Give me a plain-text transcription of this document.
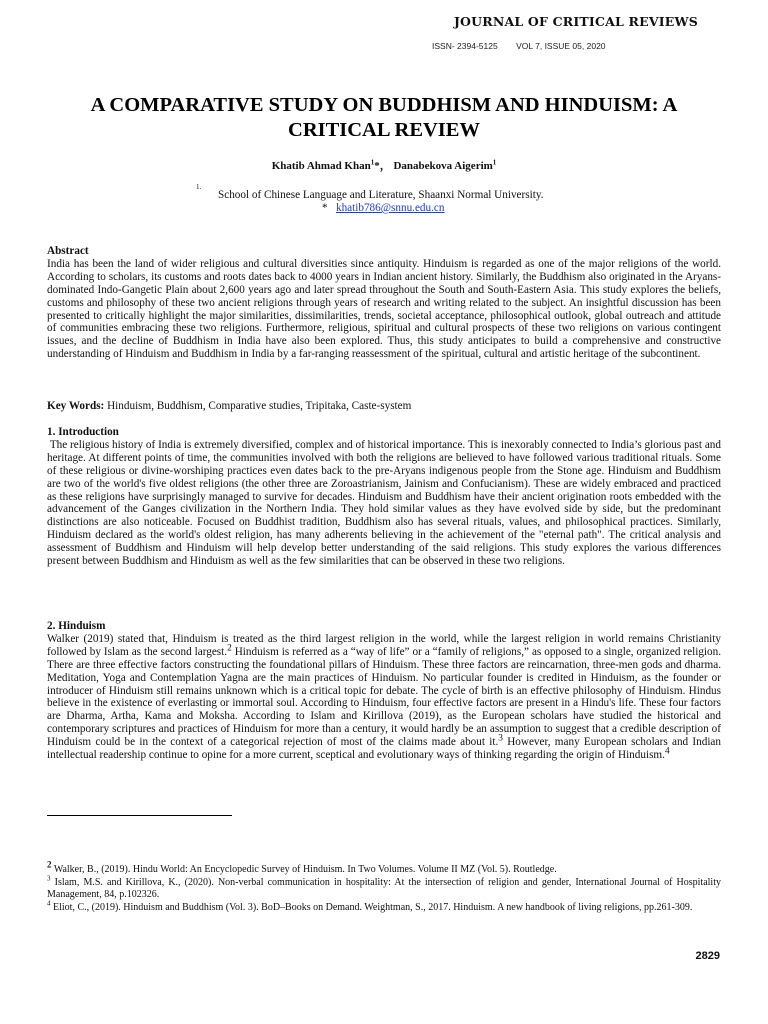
JOURNAL OF CRITICAL REVIEWS
ISSN- 2394-5125 VOL 7, ISSUE 05, 2020
A COMPARATIVE STUDY ON BUDDHISM AND HINDUISM: A CRITICAL REVIEW
Khatib Ahmad Khan$^1$*， Danabekova Aigerim$^1$
1.
School of Chinese Language and Literature, Shaanxi Normal University.
* khatib786@snnu.edu.cn

Abstract

India has been the land of wider religious and cultural diversities since antiquity. Hinduism is regarded as one of the major religions of the world. According to scholars, its customs and roots dates back to 4000 years in Indian ancient history. Similarly, the Buddhism also originated in the Aryans-dominated Indo-Gangetic Plain about 2,600 years ago and later spread throughout the South and South-Eastern Asia. This study explores the beliefs, customs and philosophy of these two ancient religions through years of research and writing related to the subject. An insightful discussion has been presented to critically highlight the major similarities, dissimilarities, trends, societal acceptance, philosophical outlook, global outreach and attitude of communities embracing these two religions. Furthermore, religious, spiritual and cultural prospects of these two religions on various contingent issues, and the decline of Buddhism in India have also been explored. Thus, this study anticipates to build a comprehensive and constructive understanding of Hinduism and Buddhism in India by a far-ranging reassessment of the spiritual, cultural and artistic heritage of the subcontinent.

Key Words: Hinduism, Buddhism, Comparative studies, Tripitaka, Caste-system

1. Introduction

The religious history of India is extremely diversified, complex and of historical importance. This is inexorably connected to India’s glorious past and heritage. At different points of time, the communities involved with both the religions are believed to have followed various traditional rituals. Some of these religious or divine-worshiping practices even dates back to the pre-Aryans indigenous people from the Stone age. Hinduism and Buddhism are two of the world's five oldest religions (the other three are Zoroastrianism, Jainism and Confucianism). These are widely embraced and practiced as these religions have surprisingly managed to survive for decades. Hinduism and Buddhism have their ancient origination roots embedded with the advancement of the Ganges civilization in the Northern India. They hold similar values as they have evolved side by side, but the predominant distinctions are also noticeable. Focused on Buddhist tradition, Buddhism also has several rituals, values, and philosophical practices. Similarly, Hinduism declared as the world's oldest religion, has many adherents believing in the achievement of the "eternal path". The critical analysis and assessment of Buddhism and Hinduism will help develop better understanding of the said religions. This study explores the various differences present between Buddhism and Hinduism as well as the few similarities that can be observed in these two religions.

2. Hinduism

Walker (2019) stated that, Hinduism is treated as the third largest religion in the world, while the largest religion in world remains Christianity followed by Islam as the second largest.$^2$ Hinduism is referred as a “way of life” or a “family of religions,” as opposed to a single, organized religion. There are three effective factors constructing the foundational pillars of Hinduism. These three factors are reincarnation, three-men gods and dharma. Meditation, Yoga and Contemplation Yagna are the main practices of Hinduism. No particular founder is credited in Hinduism, as the founder or introducer of Hinduism still remains unknown which is a critical topic for debate. The cycle of birth is an effective philosophy of Hinduism. Hindus believe in the existence of everlasting or immortal soul. According to Hinduism, four effective factors are present in a Hindu's life. These four factors are Dharma, Artha, Kama and Moksha. According to Islam and Kirillova (2019), as the European scholars have studied the historical and contemporary scriptures and practices of Hinduism for more than a century, it would hardly be an assumption to suggest that a credible description of Hinduism could be in the context of a categorical rejection of most of the claims made about it.$^3$ However, many European scholars and Indian intellectual readership continue to opine for a more current, sceptical and evolutionary ways of thinking regarding the origin of Hinduism.$^4$

$^2$ Walker, B., (2019). Hindu World: An Encyclopedic Survey of Hinduism. In Two Volumes. Volume II MZ (Vol. 5). Routledge.

$^3$ Islam, M.S. and Kirillova, K., (2020). Non-verbal communication in hospitality: At the intersection of religion and gender, International Journal of Hospitality Management, 84, p.102326.

$^4$ Eliot, C., (2019). Hinduism and Buddhism (Vol. 3). BoD–Books on Demand. Weightman, S., 2017. Hinduism. A new handbook of living religions, pp.261-309.

2829
